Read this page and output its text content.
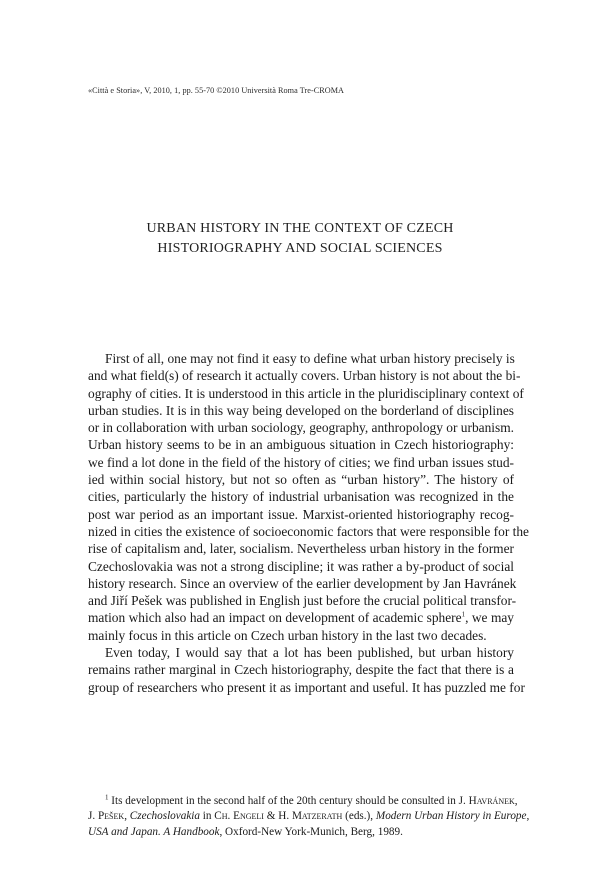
«Città e Storia», V, 2010, 1, pp. 55-70 ©2010 Università Roma Tre-CROMA
URBAN HISTORY IN THE CONTEXT OF CZECH
HISTORIOGRAPHY AND SOCIAL SCIENCES
First of all, one may not find it easy to define what urban history precisely is
and what field(s) of research it actually covers. Urban history is not about the bi-
ography of cities. It is understood in this article in the pluridisciplinary context of
urban studies. It is in this way being developed on the borderland of disciplines
or in collaboration with urban sociology, geography, anthropology or urbanism.
Urban history seems to be in an ambiguous situation in Czech historiography:
we find a lot done in the field of the history of cities; we find urban issues stud-
ied within social history, but not so often as “urban history”. The history of
cities, particularly the history of industrial urbanisation was recognized in the
post war period as an important issue. Marxist-oriented historiography recog-
nized in cities the existence of socioeconomic factors that were responsible for the
rise of capitalism and, later, socialism. Nevertheless urban history in the former
Czechoslovakia was not a strong discipline; it was rather a by-product of social
history research. Since an overview of the earlier development by Jan Havránek
and Jiří Pešek was published in English just before the crucial political transfor-
mation which also had an impact on development of academic sphere$^1$, we may
mainly focus in this article on Czech urban history in the last two decades.
Even today, I would say that a lot has been published, but urban history
remains rather marginal in Czech historiography, despite the fact that there is a
group of researchers who present it as important and useful. It has puzzled me for
$^1$ Its development in the second half of the 20th century should be consulted in J. Havránek,
J. Pešek, Czechoslovakia in Ch. Engeli & H. Matzerath (eds.), Modern Urban History in Europe,
USA and Japan. A Handbook, Oxford-New York-Munich, Berg, 1989.
